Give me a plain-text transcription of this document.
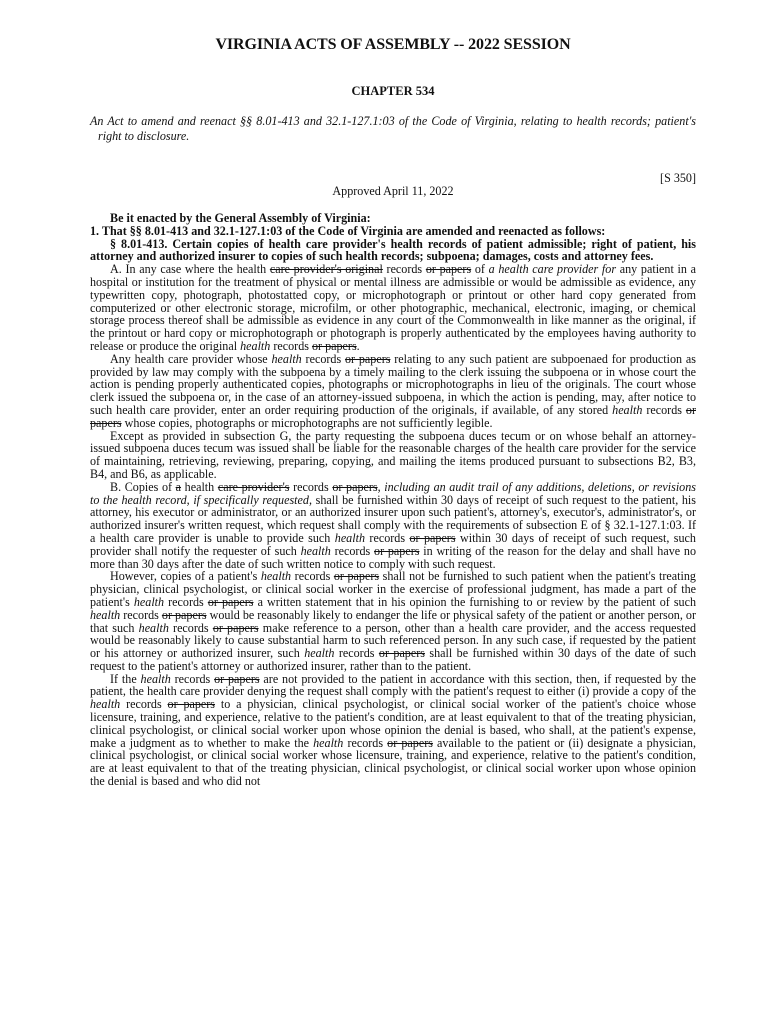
VIRGINIA ACTS OF ASSEMBLY -- 2022 SESSION
CHAPTER 534
An Act to amend and reenact §§ 8.01-413 and 32.1-127.1:03 of the Code of Virginia, relating to health records; patient's right to disclosure.
[S 350]
Approved April 11, 2022

Be it enacted by the General Assembly of Virginia:

1. That §§ 8.01-413 and 32.1-127.1:03 of the Code of Virginia are amended and reenacted as follows:

§ 8.01-413. Certain copies of health care provider's health records of patient admissible; right of patient, his attorney and authorized insurer to copies of such health records; subpoena; damages, costs and attorney fees.

A. In any case where the health care provider's original records or papers of a health care provider for any patient in a hospital or institution for the treatment of physical or mental illness are admissible or would be admissible as evidence, any typewritten copy, photograph, photostatted copy, or microphotograph or printout or other hard copy generated from computerized or other electronic storage, microfilm, or other photographic, mechanical, electronic, imaging, or chemical storage process thereof shall be admissible as evidence in any court of the Commonwealth in like manner as the original, if the printout or hard copy or microphotograph or photograph is properly authenticated by the employees having authority to release or produce the original health records or papers.

Any health care provider whose health records or papers relating to any such patient are subpoenaed for production as provided by law may comply with the subpoena by a timely mailing to the clerk issuing the subpoena or in whose court the action is pending properly authenticated copies, photographs or microphotographs in lieu of the originals. The court whose clerk issued the subpoena or, in the case of an attorney-issued subpoena, in which the action is pending, may, after notice to such health care provider, enter an order requiring production of the originals, if available, of any stored health records or papers whose copies, photographs or microphotographs are not sufficiently legible.

Except as provided in subsection G, the party requesting the subpoena duces tecum or on whose behalf an attorney-issued subpoena duces tecum was issued shall be liable for the reasonable charges of the health care provider for the service of maintaining, retrieving, reviewing, preparing, copying, and mailing the items produced pursuant to subsections B2, B3, B4, and B6, as applicable.

B. Copies of a health care provider's records or papers, including an audit trail of any additions, deletions, or revisions to the health record, if specifically requested, shall be furnished within 30 days of receipt of such request to the patient, his attorney, his executor or administrator, or an authorized insurer upon such patient's, attorney's, executor's, administrator's, or authorized insurer's written request, which request shall comply with the requirements of subsection E of § 32.1-127.1:03. If a health care provider is unable to provide such health records or papers within 30 days of receipt of such request, such provider shall notify the requester of such health records or papers in writing of the reason for the delay and shall have no more than 30 days after the date of such written notice to comply with such request.

However, copies of a patient's health records or papers shall not be furnished to such patient when the patient's treating physician, clinical psychologist, or clinical social worker in the exercise of professional judgment, has made a part of the patient's health records or papers a written statement that in his opinion the furnishing to or review by the patient of such health records or papers would be reasonably likely to endanger the life or physical safety of the patient or another person, or that such health records or papers make reference to a person, other than a health care provider, and the access requested would be reasonably likely to cause substantial harm to such referenced person. In any such case, if requested by the patient or his attorney or authorized insurer, such health records or papers shall be furnished within 30 days of the date of such request to the patient's attorney or authorized insurer, rather than to the patient.

If the health records or papers are not provided to the patient in accordance with this section, then, if requested by the patient, the health care provider denying the request shall comply with the patient's request to either (i) provide a copy of the health records or papers to a physician, clinical psychologist, or clinical social worker of the patient's choice whose licensure, training, and experience, relative to the patient's condition, are at least equivalent to that of the treating physician, clinical psychologist, or clinical social worker upon whose opinion the denial is based, who shall, at the patient's expense, make a judgment as to whether to make the health records or papers available to the patient or (ii) designate a physician, clinical psychologist, or clinical social worker whose licensure, training, and experience, relative to the patient's condition, are at least equivalent to that of the treating physician, clinical psychologist, or clinical social worker upon whose opinion the denial is based and who did not
